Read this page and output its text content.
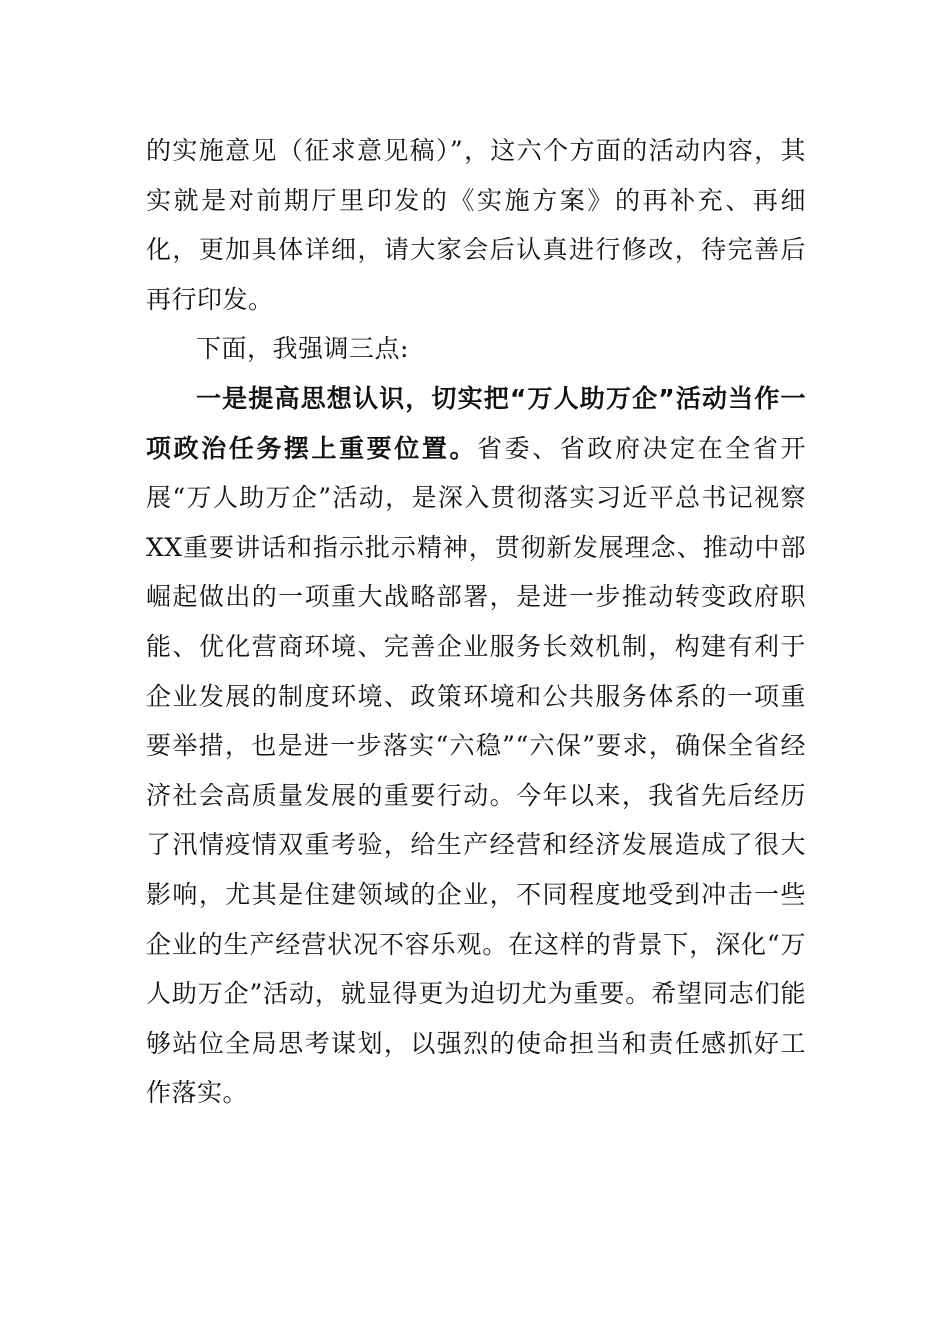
的实施意见（征求意见稿）”，这六个方面的活动内容，其实就是对前期厅里印发的《实施方案》的再补充、再细化，更加具体详细，请大家会后认真进行修改，待完善后再行印发。

下面，我强调三点:

一是提高思想认识，切实把“万人助万企”活动当作一项政治任务摆上重要位置。省委、省政府决定在全省开展“万人助万企”活动，是深入贯彻落实习近平总书记视察XX重要讲话和指示批示精神，贯彻新发展理念、推动中部崛起做出的一项重大战略部署，是进一步推动转变政府职能、优化营商环境、完善企业服务长效机制，构建有利于企业发展的制度环境、政策环境和公共服务体系的一项重要举措，也是进一步落实“六稳”“六保”要求，确保全省经济社会高质量发展的重要行动。今年以来，我省先后经历了汛情疫情双重考验，给生产经营和经济发展造成了很大影响，尤其是住建领域的企业，不同程度地受到冲击一些企业的生产经营状况不容乐观。在这样的背景下，深化“万人助万企”活动，就显得更为迫切尤为重要。希望同志们能够站位全局思考谋划，以强烈的使命担当和责任感抓好工作落实。
